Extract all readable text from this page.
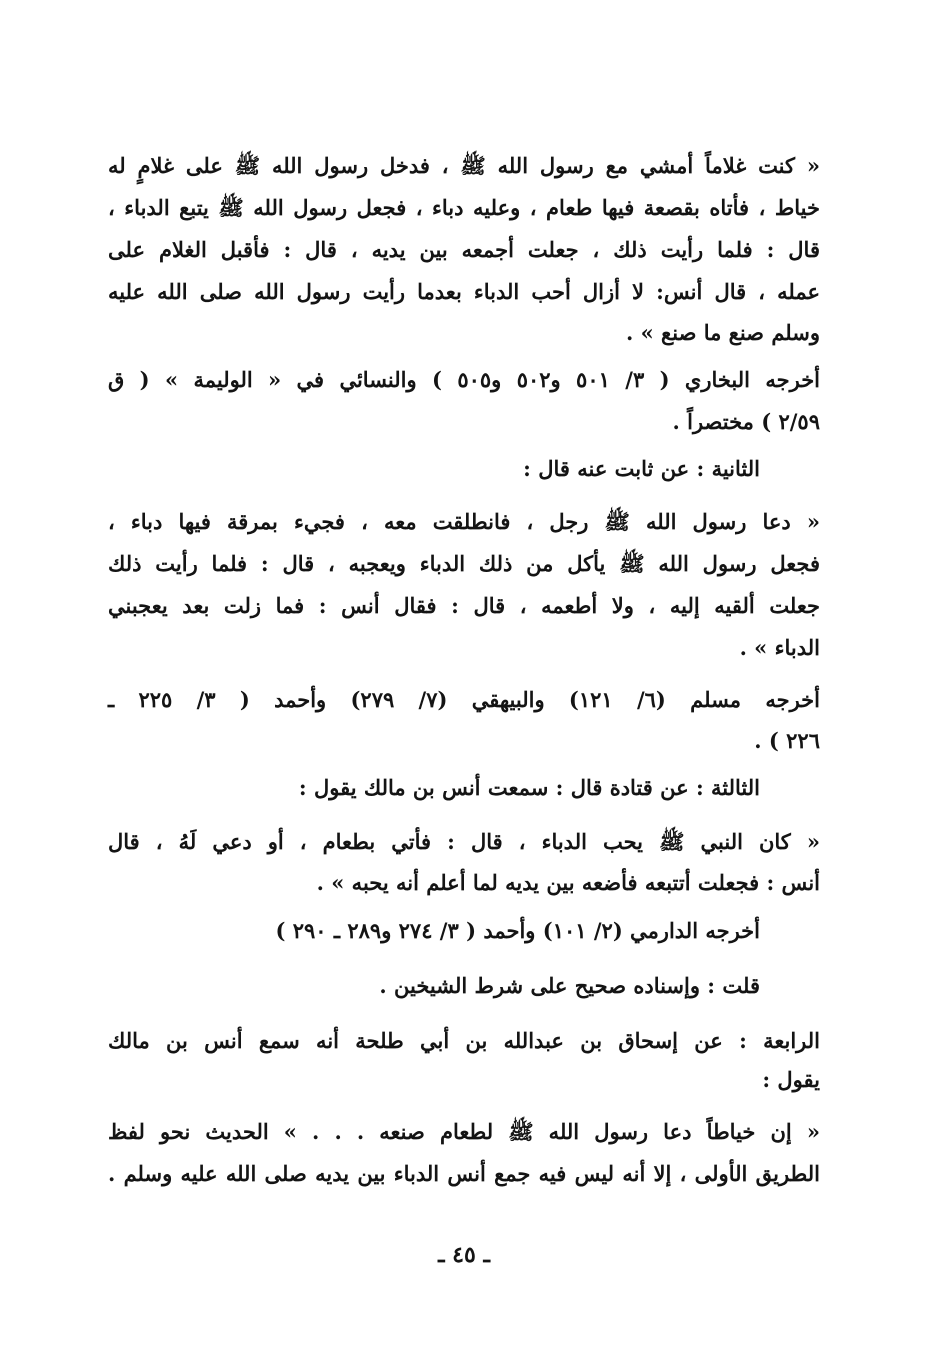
« كنت غلاماً أمشي مع رسول الله ﷺ ، فدخل رسول الله ﷺ على غلامٍ له
خياط ، فأتاه بقصعة فيها طعام ، وعليه دباء ، فجعل رسول الله ﷺ يتبع الدباء ،
قال : فلما رأيت ذلك ، جعلت أجمعه بين يديه ، قال : فأقبل الغلام على
عمله ، قال أنس: لا أزال أحب الدباء بعدما رأيت رسول الله صلى الله عليه
وسلم صنع ما صنع » .
أخرجه البخاري ( ٣/ ٥٠١ و٥٠٢ و٥٠٥ ) والنسائي في « الوليمة » ( ق
٢/٥٩ ) مختصراً .
الثانية : عن ثابت عنه قال :
« دعا رسول الله ﷺ رجل ، فانطلقت معه ، فجيء بمرقة فيها دباء ،
فجعل رسول الله ﷺ يأكل من ذلك الدباء ويعجبه ، قال : فلما رأيت ذلك
جعلت ألقيه إليه ، ولا أطعمه ، قال : فقال أنس : فما زلت بعد يعجبني
الدباء » .
أخرجه مسلم (٦/ ١٢١) والبيهقي (٧/ ٢٧٩) وأحمد ( ٣/ ٢٢٥ ـ
٢٢٦ ) .
الثالثة : عن قتادة قال : سمعت أنس بن مالك يقول :
« كان النبي ﷺ يحب الدباء ، قال : فأتي بطعام ، أو دعي لَهُ ، قال
أنس : فجعلت أتتبعه فأضعه بين يديه لما أعلم أنه يحبه » .
أخرجه الدارمي (٢/ ١٠١) وأحمد ( ٣/ ٢٧٤ و٢٨٩ ـ ٢٩٠ )
قلت : وإسناده صحيح على شرط الشيخين .
الرابعة : عن إسحاق بن عبدالله بن أبي طلحة أنه سمع أنس بن مالك
يقول :
« إن خياطاً دعا رسول الله ﷺ لطعام صنعه . . . » الحديث نحو لفظ
الطريق الأولى ، إلا أنه ليس فيه جمع أنس الدباء بين يديه صلى الله عليه وسلم .
ـ ٤٥ ـ
